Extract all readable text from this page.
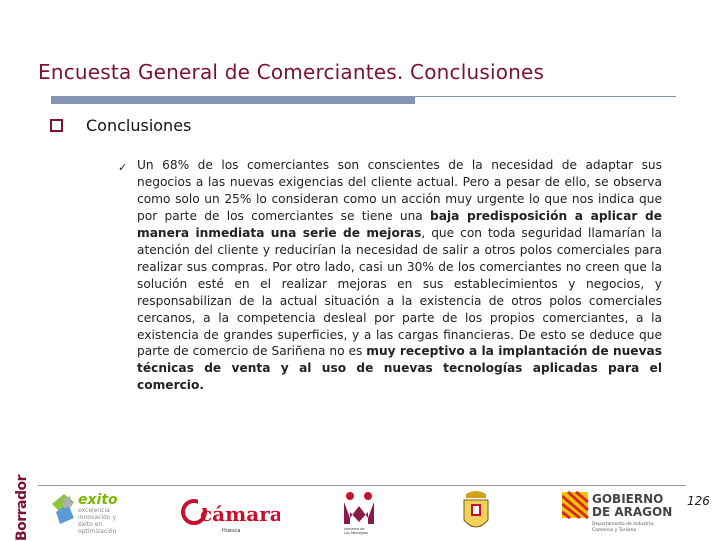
Encuesta General de Comerciantes. Conclusiones
Conclusiones
✓ Un 68% de los comerciantes son conscientes de la necesidad de adaptar sus negocios a las nuevas exigencias del cliente actual. Pero a pesar de ello, se observa como solo un 25% lo consideran como un acción muy urgente lo que nos indica que por parte de los comerciantes se tiene una baja predisposición a aplicar de manera inmediata una serie de mejoras, que con toda seguridad llamarían la atención del cliente y reducirían la necesidad de salir a otros polos comerciales para realizar sus compras. Por otro lado, casi un 30% de los comerciantes no creen que la solución esté en el realizar mejoras en sus establecimientos y negocios, y responsabilizan de la actual situación a la existencia de otros polos comerciales cercanos, a la competencia desleal por parte de los propios comerciantes, a la existencia de grandes superficies, y a las cargas financieras. De esto se deduce que parte de comercio de Sariñena no es muy receptivo a la implantación de nuevas técnicas de venta y al uso de nuevas tecnologías aplicadas para el comercio.

126
Borrador	exito
excelencia
innovación y
éxito en
optimización
cámara
Huesca	comarca de
Los Monegros
GOBIERNO
DE ARAGON
Departamento de Industria,
Comercio y Turismo
